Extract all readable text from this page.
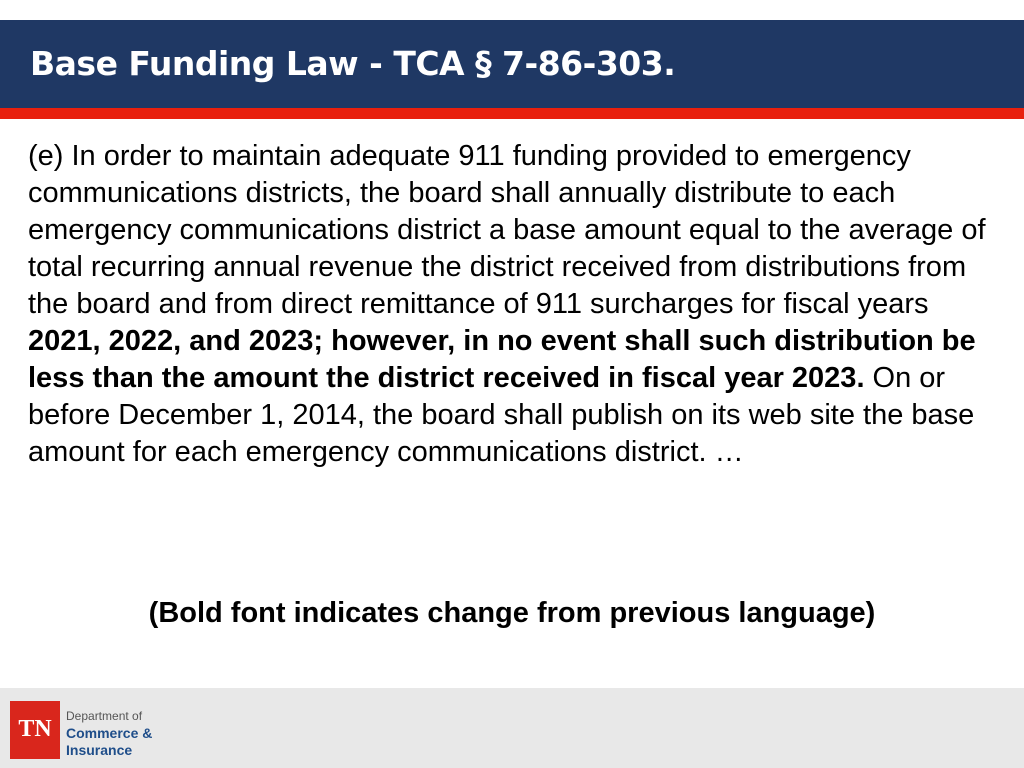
Base Funding Law - TCA § 7-86-303.
(e) In order to maintain adequate 911 funding provided to emergency communications districts, the board shall annually distribute to each emergency communications district a base amount equal to the average of total recurring annual revenue the district received from distributions from the board and from direct remittance of 911 surcharges for fiscal years 2021, 2022, and 2023; however, in no event shall such distribution be less than the amount the district received in fiscal year 2023. On or before December 1, 2014, the board shall publish on its web site the base amount for each emergency communications district. …
(Bold font indicates change from previous language)
TN	Department of
Commerce &
Insurance
